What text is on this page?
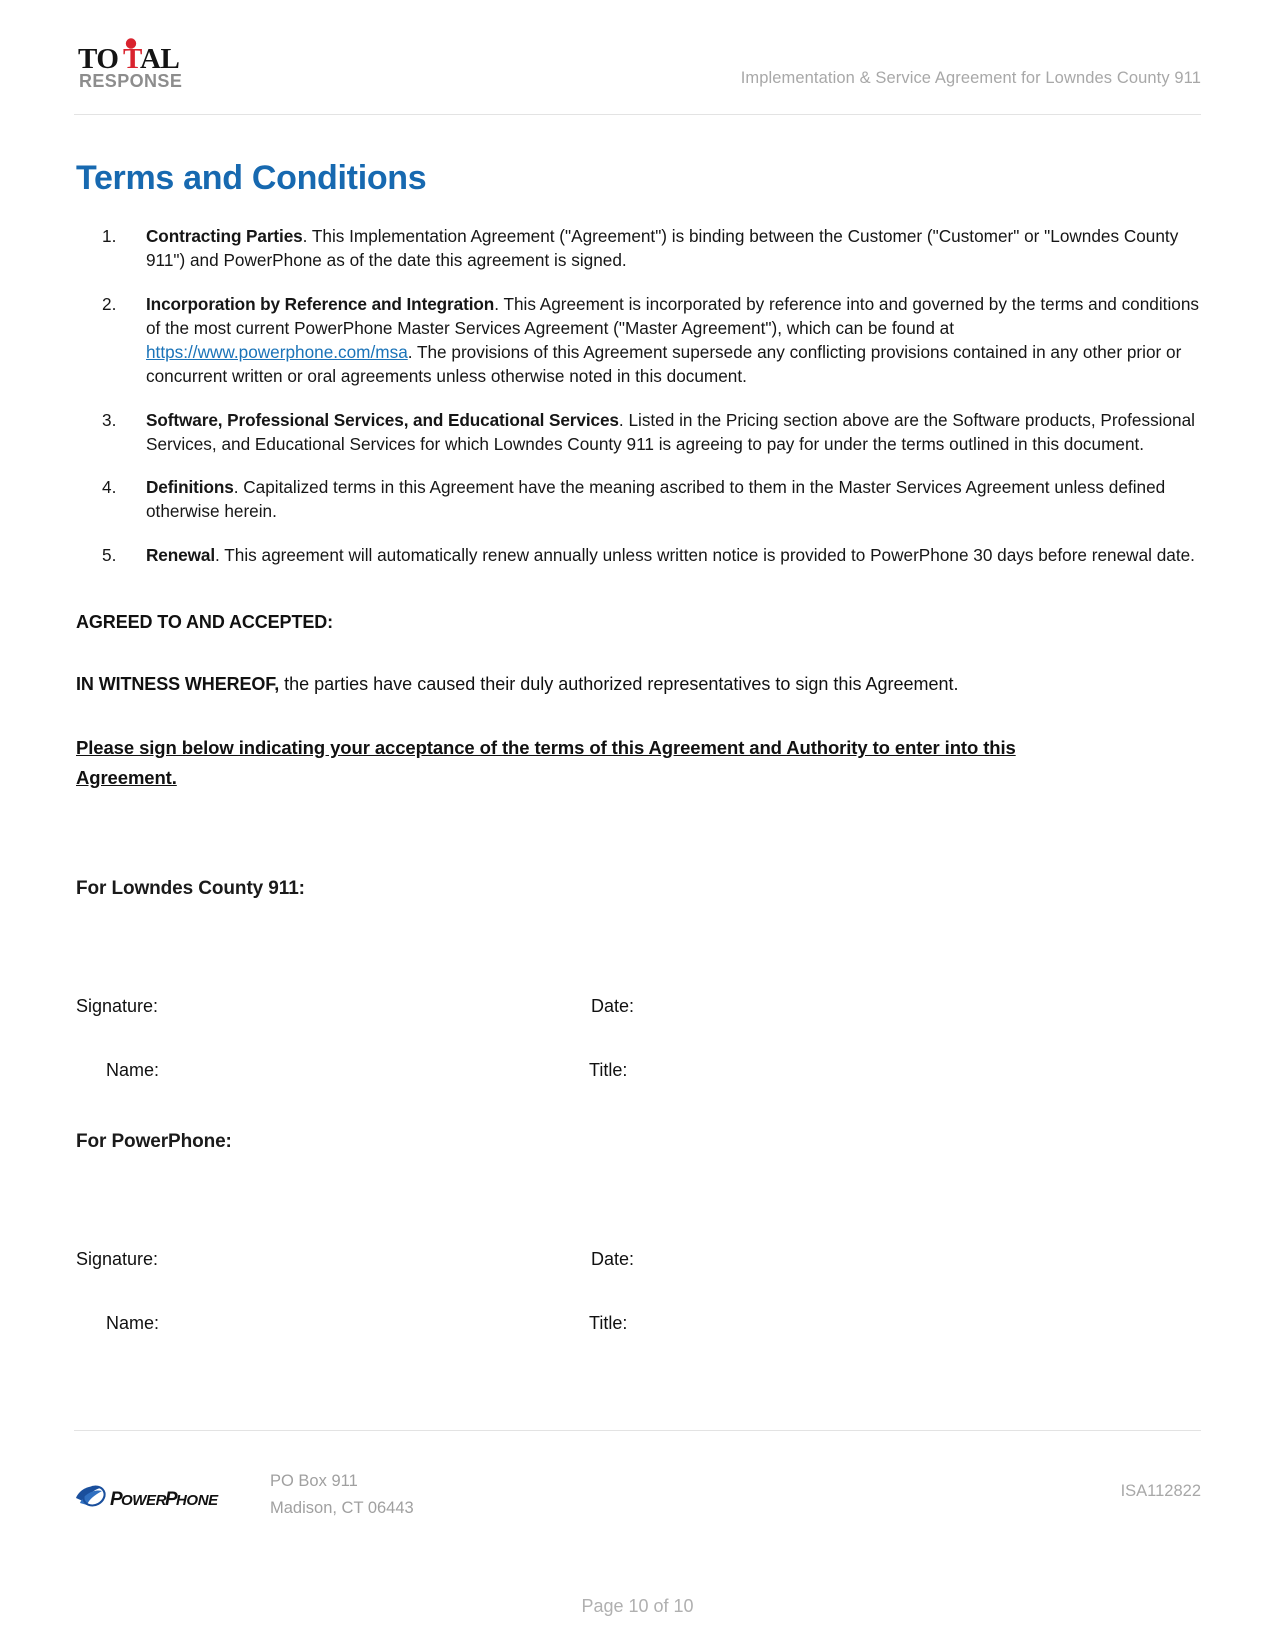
TO T
AL
RESPONSE	Implementation & Service Agreement for Lowndes County 911
Terms and Conditions
Contracting Parties. This Implementation Agreement ("Agreement") is binding between the Customer ("Customer" or "Lowndes County 911") and PowerPhone as of the date this agreement is signed.
Incorporation by Reference and Integration. This Agreement is incorporated by reference into and governed by the terms and conditions of the most current PowerPhone Master Services Agreement ("Master Agreement"), which can be found at https://www.powerphone.com/msa. The provisions of this Agreement supersede any conflicting provisions contained in any other prior or concurrent written or oral agreements unless otherwise noted in this document.
Software, Professional Services, and Educational Services. Listed in the Pricing section above are the Software products, Professional Services, and Educational Services for which Lowndes County 911 is agreeing to pay for under the terms outlined in this document.
Definitions. Capitalized terms in this Agreement have the meaning ascribed to them in the Master Services Agreement unless defined otherwise herein.
Renewal. This agreement will automatically renew annually unless written notice is provided to PowerPhone 30 days before renewal date.
AGREED TO AND ACCEPTED:
IN WITNESS WHEREOF, the parties have caused their duly authorized representatives to sign this Agreement.
Please sign below indicating your acceptance of the terms of this Agreement and Authority to enter into this Agreement.
For Lowndes County 911:
Signature:	Date:
Name:	Title:
For PowerPhone:
Signature:	Date:
Name:	Title:
P
OWER
P
HONE
PO Box 911
Madison, CT 06443
ISA112822
Page 10 of 10
